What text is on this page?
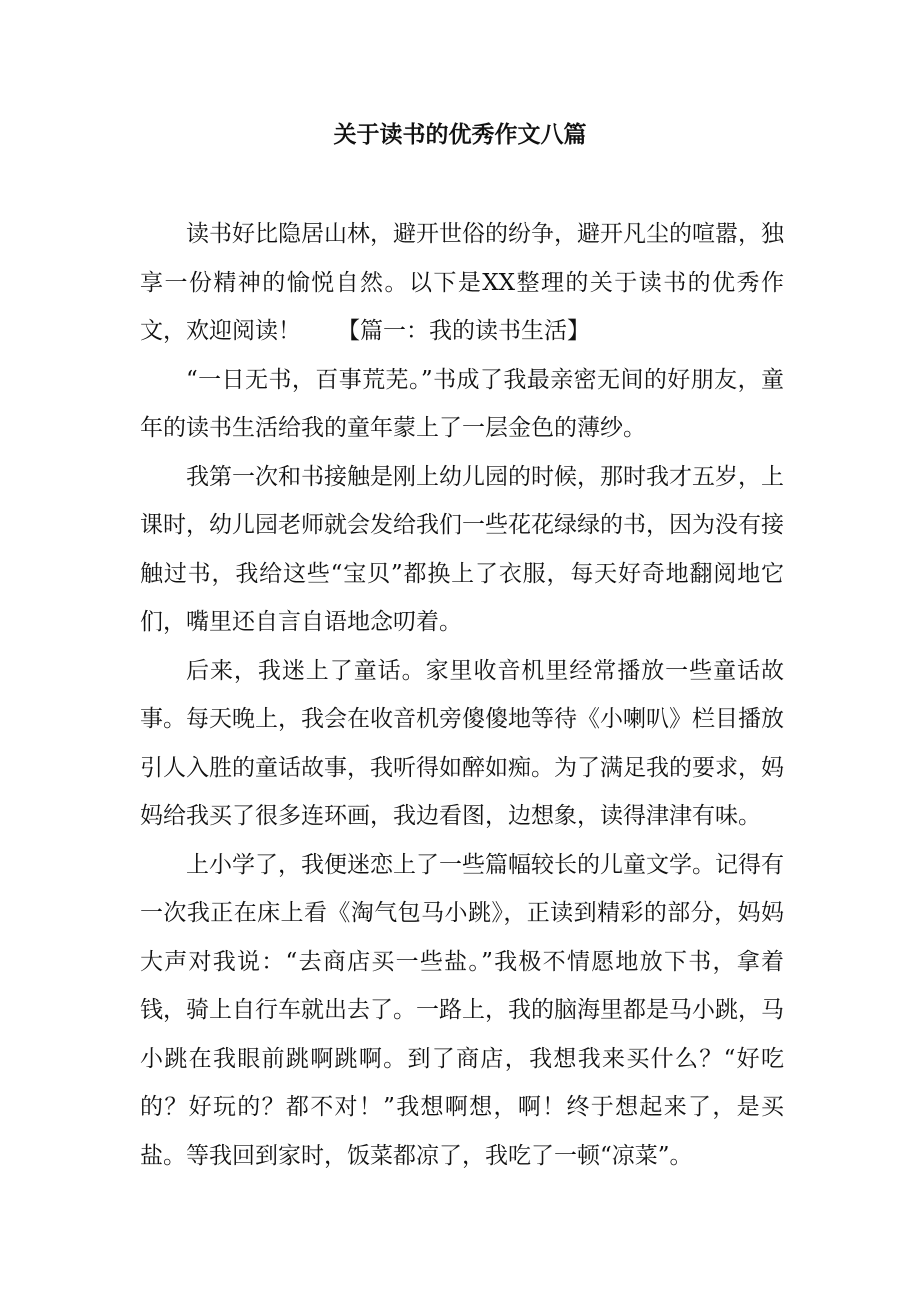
关于读书的优秀作文八篇

读书好比隐居山林，避开世俗的纷争，避开凡尘的喧嚣，独享一份精神的愉悦自然。以下是XX整理的关于读书的优秀作文，欢迎阅读！ 【篇一：我的读书生活】

“一日无书，百事荒芜。”书成了我最亲密无间的好朋友，童年的读书生活给我的童年蒙上了一层金色的薄纱。

我第一次和书接触是刚上幼儿园的时候，那时我才五岁，上课时，幼儿园老师就会发给我们一些花花绿绿的书，因为没有接触过书，我给这些“宝贝”都换上了衣服，每天好奇地翻阅地它们，嘴里还自言自语地念叨着。

后来，我迷上了童话。家里收音机里经常播放一些童话故事。每天晚上，我会在收音机旁傻傻地等待《小喇叭》栏目播放引人入胜的童话故事，我听得如醉如痴。为了满足我的要求，妈妈给我买了很多连环画，我边看图，边想象，读得津津有味。

上小学了，我便迷恋上了一些篇幅较长的儿童文学。记得有一次我正在床上看《淘气包马小跳》，正读到精彩的部分，妈妈大声对我说：“去商店买一些盐。”我极不情愿地放下书，拿着钱，骑上自行车就出去了。一路上，我的脑海里都是马小跳，马小跳在我眼前跳啊跳啊。到了商店，我想我来买什么？“好吃的？好玩的？都不对！”我想啊想，啊！终于想起来了，是买盐。等我回到家时，饭菜都凉了，我吃了一顿“凉菜”。
